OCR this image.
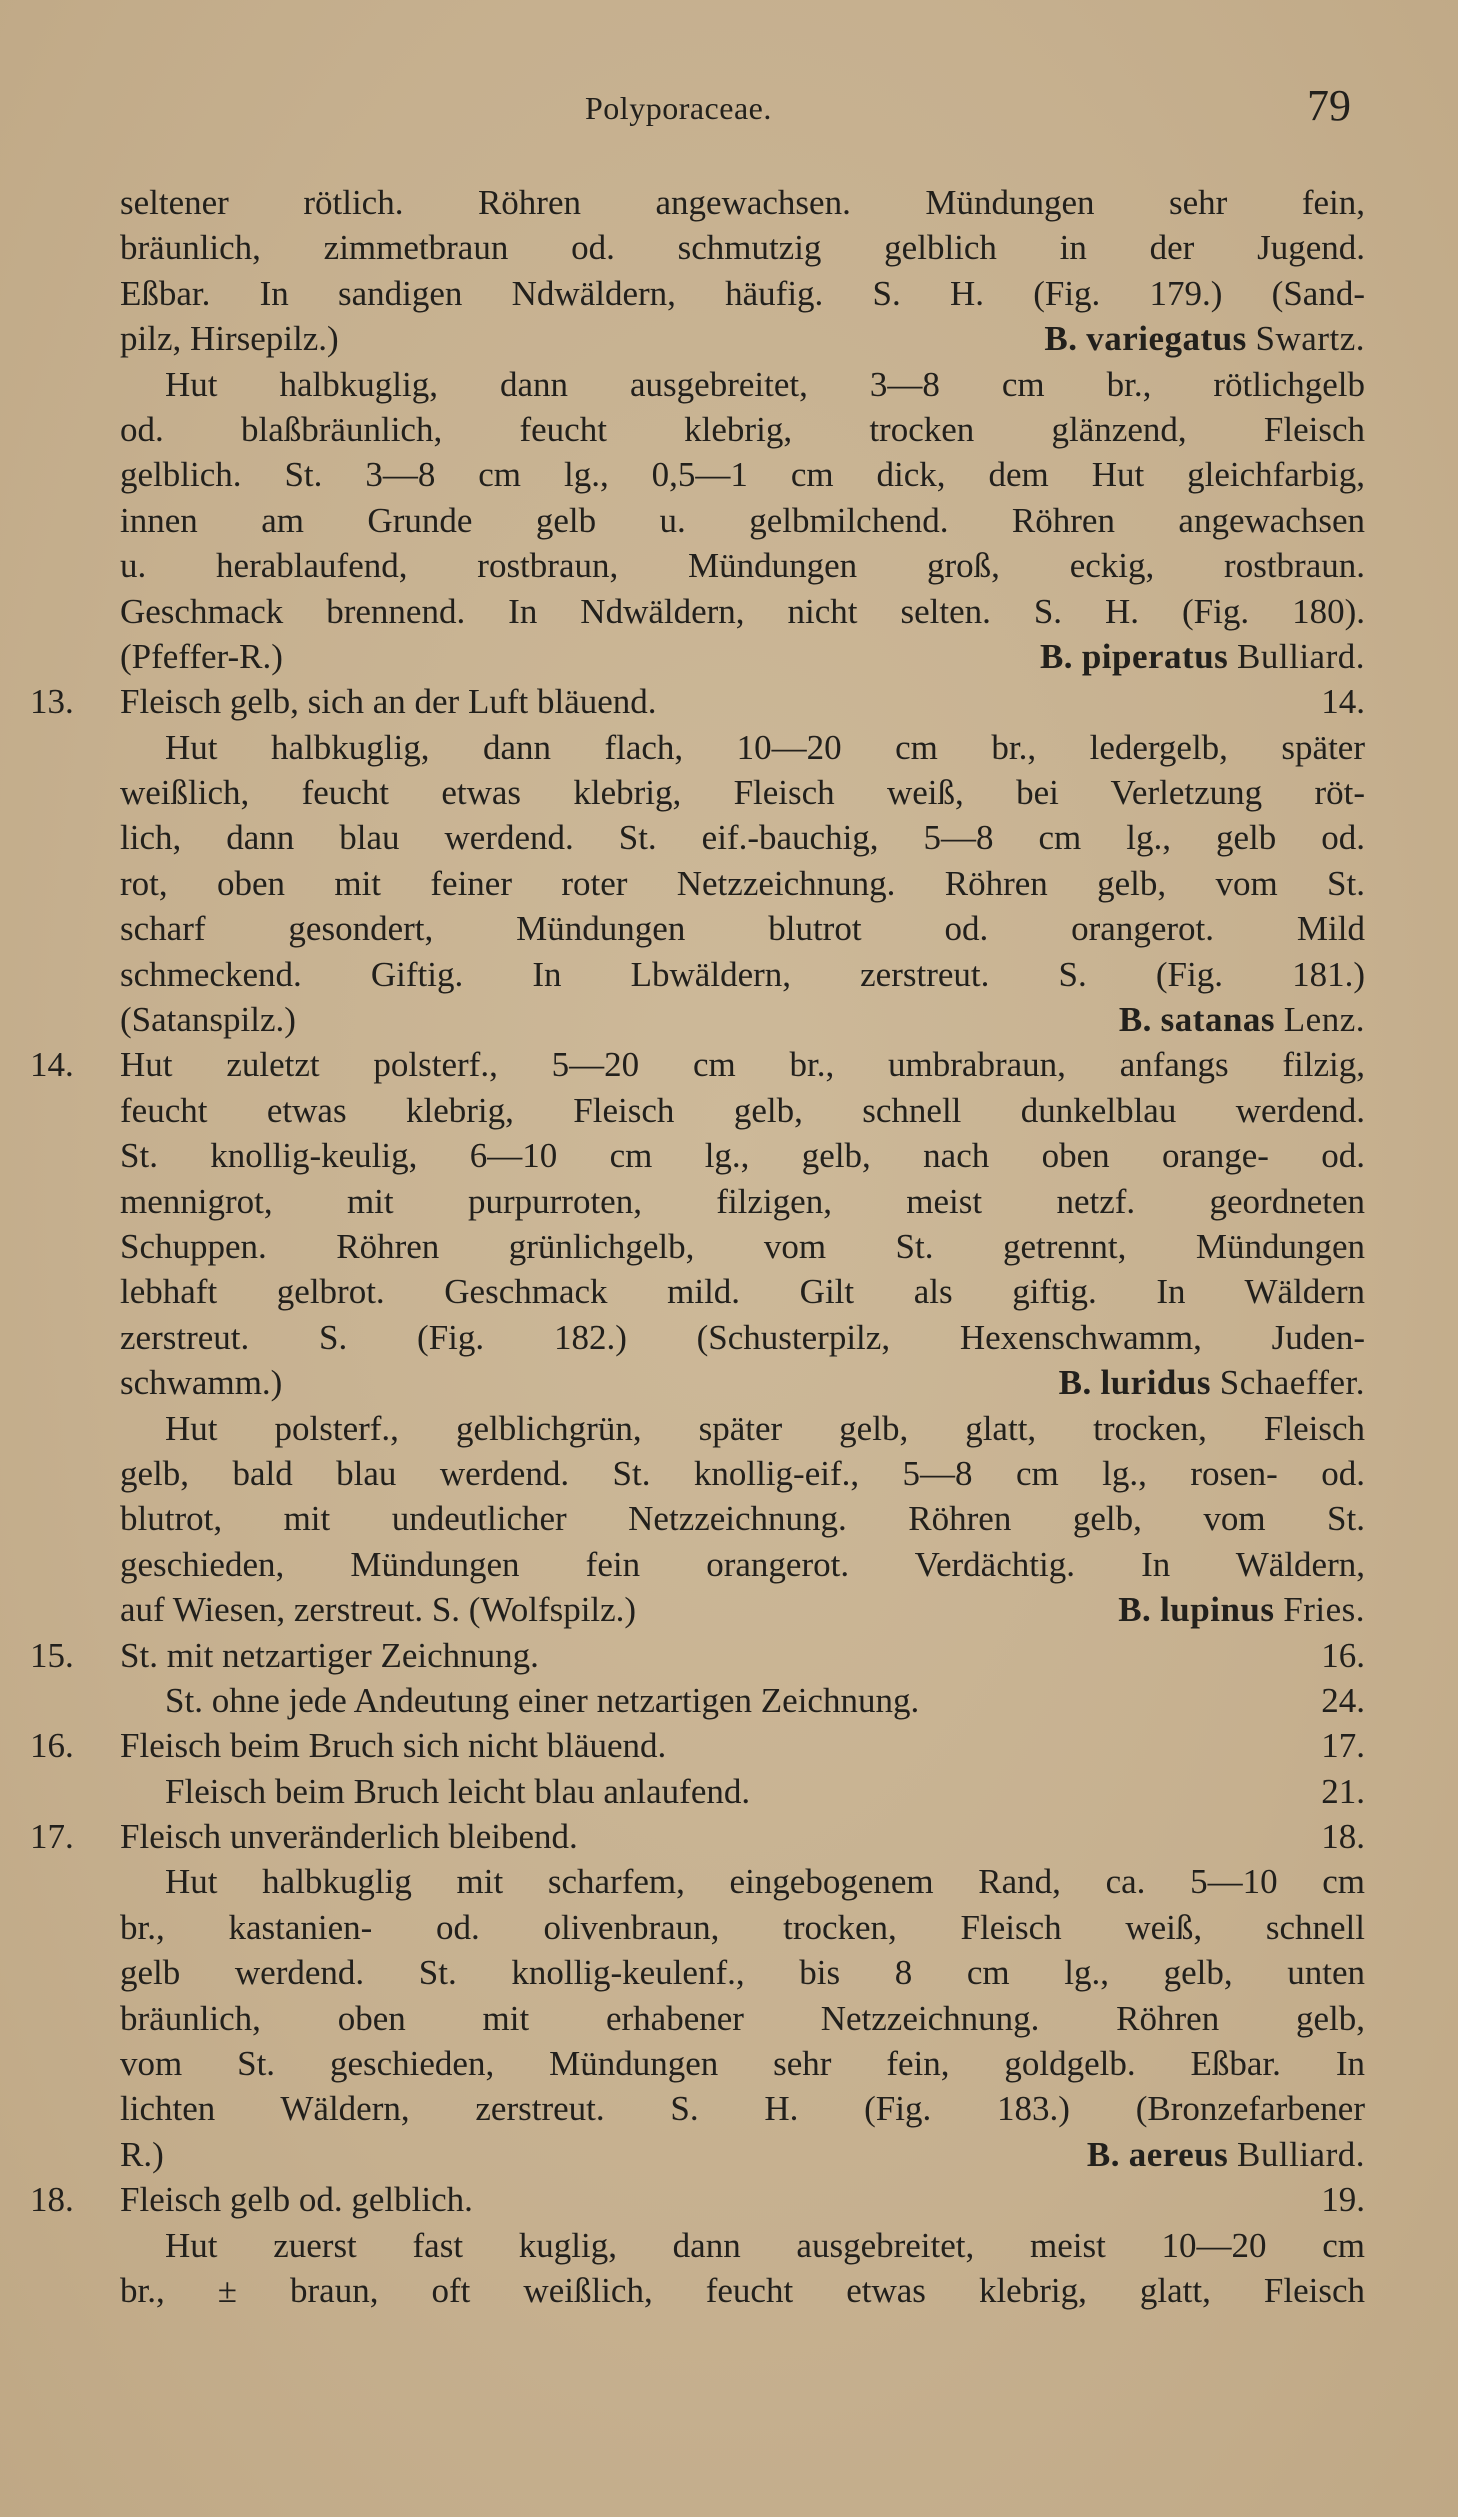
Polyporaceae.	79
seltener rötlich. Röhren angewachsen. Mündungen sehr fein,
bräunlich, zimmetbraun od. schmutzig gelblich in der Jugend.
Eßbar. In sandigen Ndwäldern, häufig. S. H. (Fig. 179.) (Sand-
pilz, Hirsepilz.)	B. variegatus Swartz.
Hut halbkuglig, dann ausgebreitet, 3—8 cm br., rötlichgelb
od. blaßbräunlich, feucht klebrig, trocken glänzend, Fleisch
gelblich. St. 3—8 cm lg., 0,5—1 cm dick, dem Hut gleichfarbig,
innen am Grunde gelb u. gelbmilchend. Röhren angewachsen
u. herablaufend, rostbraun, Mündungen groß, eckig, rostbraun.
Geschmack brennend. In Ndwäldern, nicht selten. S. H. (Fig. 180).
(Pfeffer-R.)	B. piperatus Bulliard.
13.	Fleisch gelb, sich an der Luft bläuend.	14.
Hut halbkuglig, dann flach, 10—20 cm br., ledergelb, später
weißlich, feucht etwas klebrig, Fleisch weiß, bei Verletzung röt-
lich, dann blau werdend. St. eif.-bauchig, 5—8 cm lg., gelb od.
rot, oben mit feiner roter Netzzeichnung. Röhren gelb, vom St.
scharf gesondert, Mündungen blutrot od. orangerot. Mild
schmeckend. Giftig. In Lbwäldern, zerstreut. S. (Fig. 181.)
(Satanspilz.)	B. satanas Lenz.
14.	Hut zuletzt polsterf., 5—20 cm br., umbrabraun, anfangs filzig,
feucht etwas klebrig, Fleisch gelb, schnell dunkelblau werdend.
St. knollig-keulig, 6—10 cm lg., gelb, nach oben orange- od.
mennigrot, mit purpurroten, filzigen, meist netzf. geordneten
Schuppen. Röhren grünlichgelb, vom St. getrennt, Mündungen
lebhaft gelbrot. Geschmack mild. Gilt als giftig. In Wäldern
zerstreut. S. (Fig. 182.) (Schusterpilz, Hexenschwamm, Juden-
schwamm.)	B. luridus Schaeffer.
Hut polsterf., gelblichgrün, später gelb, glatt, trocken, Fleisch
gelb, bald blau werdend. St. knollig-eif., 5—8 cm lg., rosen- od.
blutrot, mit undeutlicher Netzzeichnung. Röhren gelb, vom St.
geschieden, Mündungen fein orangerot. Verdächtig. In Wäldern,
auf Wiesen, zerstreut. S. (Wolfspilz.)	B. lupinus Fries.
15.	St. mit netzartiger Zeichnung.	16.
St. ohne jede Andeutung einer netzartigen Zeichnung.	24.
16.	Fleisch beim Bruch sich nicht bläuend.	17.
Fleisch beim Bruch leicht blau anlaufend.	21.
17.	Fleisch unveränderlich bleibend.	18.
Hut halbkuglig mit scharfem, eingebogenem Rand, ca. 5—10 cm
br., kastanien- od. olivenbraun, trocken, Fleisch weiß, schnell
gelb werdend. St. knollig-keulenf., bis 8 cm lg., gelb, unten
bräunlich, oben mit erhabener Netzzeichnung. Röhren gelb,
vom St. geschieden, Mündungen sehr fein, goldgelb. Eßbar. In
lichten Wäldern, zerstreut. S. H. (Fig. 183.) (Bronzefarbener
R.)	B. aereus Bulliard.
18.	Fleisch gelb od. gelblich.	19.
Hut zuerst fast kuglig, dann ausgebreitet, meist 10—20 cm
br., ± braun, oft weißlich, feucht etwas klebrig, glatt, Fleisch
